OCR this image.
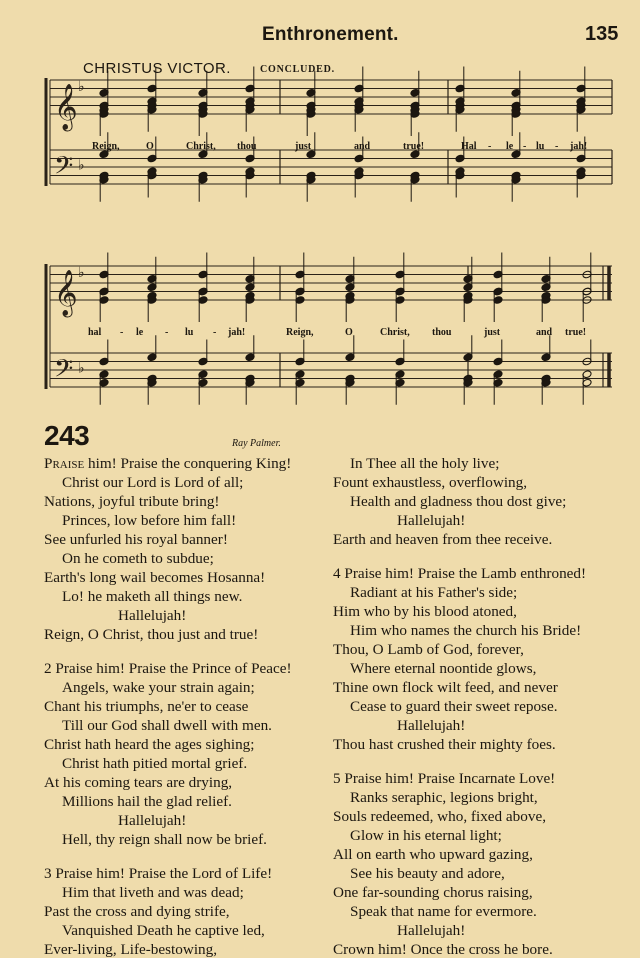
Enthronement.	135
CHRISTUS VICTOR.	CONCLUDED.
𝄞 ♭
𝄢 ♭
𝄞 ♭
𝄢 ♭
Reign,	O	Christ, thou	just	and	true!	Hal - le - lu - jah!
hal - le - lu - jah!	Reign,	O	Christ, thou	just	and true!
243	Ray Palmer.
Praise him! Praise the conquering King!
Christ our Lord is Lord of all;
Nations, joyful tribute bring!
Princes, low before him fall!
See unfurled his royal banner!
On he cometh to subdue;
Earth's long wail becomes Hosanna!
Lo! he maketh all things new.
Hallelujah!
Reign, O Christ, thou just and true!
2 Praise him! Praise the Prince of Peace!
Angels, wake your strain again;
Chant his triumphs, ne'er to cease
Till our God shall dwell with men.
Christ hath heard the ages sighing;
Christ hath pitied mortal grief.
At his coming tears are drying,
Millions hail the glad relief.
Hallelujah!
Hell, thy reign shall now be brief.
3 Praise him! Praise the Lord of Life!
Him that liveth and was dead;
Past the cross and dying strife,
Vanquished Death he captive led,
Ever-living, Life-bestowing,
In Thee all the holy live;
Fount exhaustless, overflowing,
Health and gladness thou dost give;
Hallelujah!
Earth and heaven from thee receive.
4 Praise him! Praise the Lamb enthroned!
Radiant at his Father's side;
Him who by his blood atoned,
Him who names the church his Bride!
Thou, O Lamb of God, forever,
Where eternal noontide glows,
Thine own flock wilt feed, and never
Cease to guard their sweet repose.
Hallelujah!
Thou hast crushed their mighty foes.
5 Praise him! Praise Incarnate Love!
Ranks seraphic, legions bright,
Souls redeemed, who, fixed above,
Glow in his eternal light;
All on earth who upward gazing,
See his beauty and adore,
One far-sounding chorus raising,
Speak that name for evermore.
Hallelujah!
Crown him! Once the cross he bore.
